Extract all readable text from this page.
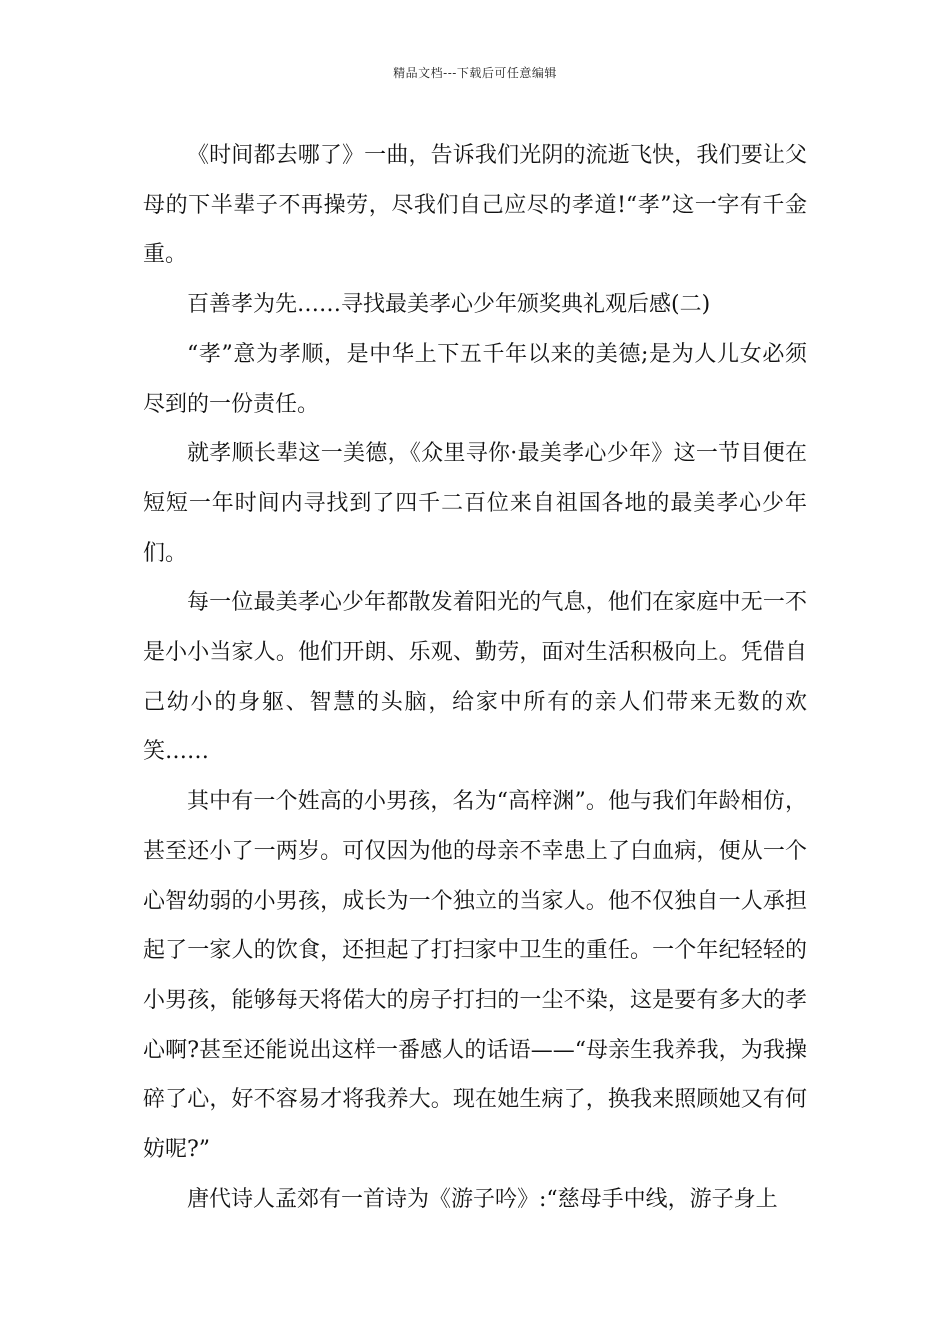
精品文档---下载后可任意编辑

《时间都去哪了》一曲，告诉我们光阴的流逝飞快，我们要让父母的下半辈子不再操劳，尽我们自己应尽的孝道!“孝”这一字有千金重。

百善孝为先……寻找最美孝心少年颁奖典礼观后感(二)

“孝”意为孝顺，是中华上下五千年以来的美德;是为人儿女必须尽到的一份责任。

就孝顺长辈这一美德，《众里寻你·最美孝心少年》这一节目便在短短一年时间内寻找到了四千二百位来自祖国各地的最美孝心少年们。

每一位最美孝心少年都散发着阳光的气息，他们在家庭中无一不是小小当家人。他们开朗、乐观、勤劳，面对生活积极向上。凭借自己幼小的身躯、智慧的头脑，给家中所有的亲人们带来无数的欢笑……

其中有一个姓高的小男孩，名为“高梓渊”。他与我们年龄相仿，甚至还小了一两岁。可仅因为他的母亲不幸患上了白血病，便从一个心智幼弱的小男孩，成长为一个独立的当家人。他不仅独自一人承担起了一家人的饮食，还担起了打扫家中卫生的重任。一个年纪轻轻的小男孩，能够每天将偌大的房子打扫的一尘不染，这是要有多大的孝心啊?甚至还能说出这样一番感人的话语——“母亲生我养我，为我操碎了心，好不容易才将我养大。现在她生病了，换我来照顾她又有何妨呢?”

唐代诗人孟郊有一首诗为《游子吟》:“慈母手中线，游子身上
